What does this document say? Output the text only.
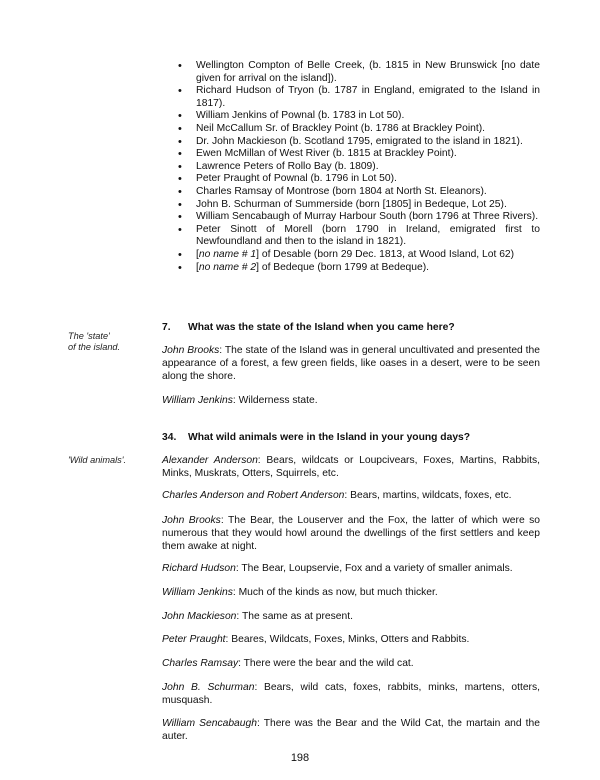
• Wellington Compton of Belle Creek, (b. 1815 in New Brunswick [no date given for arrival on the island]).
• Richard Hudson of Tryon (b. 1787 in England, emigrated to the Island in 1817).
• William Jenkins of Pownal (b. 1783 in Lot 50).
• Neil McCallum Sr. of Brackley Point (b. 1786 at Brackley Point).
• Dr. John Mackieson (b. Scotland 1795, emigrated to the island in 1821).
• Ewen McMillan of West River (b. 1815 at Brackley Point).
• Lawrence Peters of Rollo Bay (b. 1809).
• Peter Praught of Pownal (b. 1796 in Lot 50).
• Charles Ramsay of Montrose (born 1804 at North St. Eleanors).
• John B. Schurman of Summerside (born [1805] in Bedeque, Lot 25).
• William Sencabaugh of Murray Harbour South (born 1796 at Three Rivers).
• Peter Sinott of Morell (born 1790 in Ireland, emigrated first to Newfoundland and then to the island in 1821).
• [no name # 1] of Desable (born 29 Dec. 1813, at Wood Island, Lot 62)
• [no name # 2] of Bedeque (born 1799 at Bedeque).
The 'state'
of the island.
7. What was the state of the Island when you came here?
John Brooks: The state of the Island was in general uncultivated and presented the appearance of a forest, a few green fields, like oases in a desert, were to be seen along the shore.
William Jenkins: Wilderness state.
34. What wild animals were in the Island in your young days?
'Wild animals'.	Alexander Anderson: Bears, wildcats or Loupcivears, Foxes, Martins, Rabbits, Minks, Muskrats, Otters, Squirrels, etc.
Charles Anderson and Robert Anderson: Bears, martins, wildcats, foxes, etc.
John Brooks: The Bear, the Louserver and the Fox, the latter of which were so numerous that they would howl around the dwellings of the first settlers and keep them awake at night.
Richard Hudson: The Bear, Loupservie, Fox and a variety of smaller animals.
William Jenkins: Much of the kinds as now, but much thicker.
John Mackieson: The same as at present.
Peter Praught: Beares, Wildcats, Foxes, Minks, Otters and Rabbits.
Charles Ramsay: There were the bear and the wild cat.
John B. Schurman: Bears, wild cats, foxes, rabbits, minks, martens, otters, musquash.
William Sencabaugh: There was the Bear and the Wild Cat, the martain and the auter.
198
